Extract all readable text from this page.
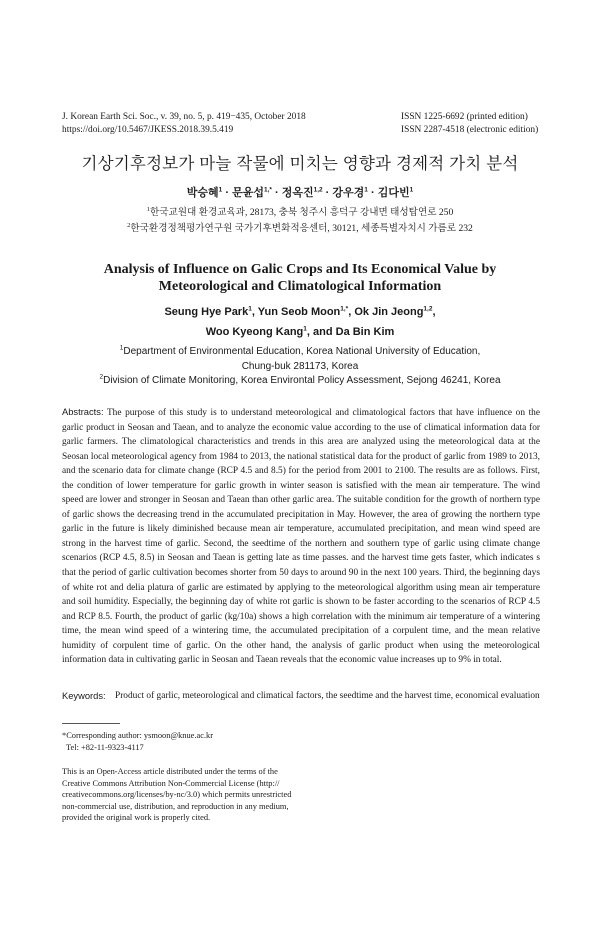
J. Korean Earth Sci. Soc., v. 39, no. 5, p. 419−435, October 2018
https://doi.org/10.5467/JKESS.2018.39.5.419
ISSN 1225-6692 (printed edition)
ISSN 2287-4518 (electronic edition)
기상기후정보가 마늘 작물에 미치는 영향과 경제적 가치 분석
박승혜$^1$ · 문윤섭$^{1,*}$ · 정옥진$^{1,2}$ · 강우경$^1$ · 김다빈$^1$
$^1$한국교원대 환경교육과, 28173, 충북 청주시 흥덕구 강내면 태성탑연로 250
$^2$한국환경정책평가연구원 국가기후변화적응센터, 30121, 세종특별자치시 가름로 232
Analysis of Influence on Galic Crops and Its Economical Value by
Meteorological and Climatological Information
Seung Hye Park$^1$, Yun Seob Moon$^{1,*}$, Ok Jin Jeong$^{1,2}$,
Woo Kyeong Kang$^1$, and Da Bin Kim
$^1$Department of Environmental Education, Korea National University of Education,
Chung-buk 281173, Korea
$^2$Division of Climate Monitoring, Korea Environtal Policy Assessment, Sejong 46241, Korea
Abstracts: The purpose of this study is to understand meteorological and climatological factors that have influence on the garlic product in Seosan and Taean, and to analyze the economic value according to the use of climatical information data for garlic farmers. The climatological characteristics and trends in this area are analyzed using the meteorological data at the Seosan local meteorological agency from 1984 to 2013, the national statistical data for the product of garlic from 1989 to 2013, and the scenario data for climate change (RCP 4.5 and 8.5) for the period from 2001 to 2100. The results are as follows. First, the condition of lower temperature for garlic growth in winter season is satisfied with the mean air temperature. The wind speed are lower and stronger in Seosan and Taean than other garlic area. The suitable condition for the growth of northern type of garlic shows the decreasing trend in the accumulated precipitation in May. However, the area of growing the northern type garlic in the future is likely diminished because mean air temperature, accumulated precipitation, and mean wind speed are strong in the harvest time of garlic. Second, the seedtime of the northern and southern type of garlic using climate change scenarios (RCP 4.5, 8.5) in Seosan and Taean is getting late as time passes. and the harvest time gets faster, which indicates s that the period of garlic cultivation becomes shorter from 50 days to around 90 in the next 100 years. Third, the beginning days of white rot and delia platura of garlic are estimated by applying to the meteorological algorithm using mean air temperature and soil humidity. Especially, the beginning day of white rot garlic is shown to be faster according to the scenarios of RCP 4.5 and RCP 8.5. Fourth, the product of garlic (kg/10a) shows a high correlation with the minimum air temperature of a wintering time, the mean wind speed of a wintering time, the accumulated precipitation of a corpulent time, and the mean relative humidity of corpulent time of garlic. On the other hand, the analysis of garlic product when using the meteorological information data in cultivating garlic in Seosan and Taean reveals that the economic value increases up to 9% in total.
Keywords: Product of garlic, meteorological and climatical factors, the seedtime and the harvest time, economical evaluation
*Corresponding author: ysmoon@knue.ac.kr
Tel: +82-11-9323-4117
This is an Open-Access article distributed under the terms of the
Creative Commons Attribution Non-Commercial License (http://
creativecommons.org/licenses/by-nc/3.0) which permits unrestricted
non-commercial use, distribution, and reproduction in any medium,
provided the original work is properly cited.
